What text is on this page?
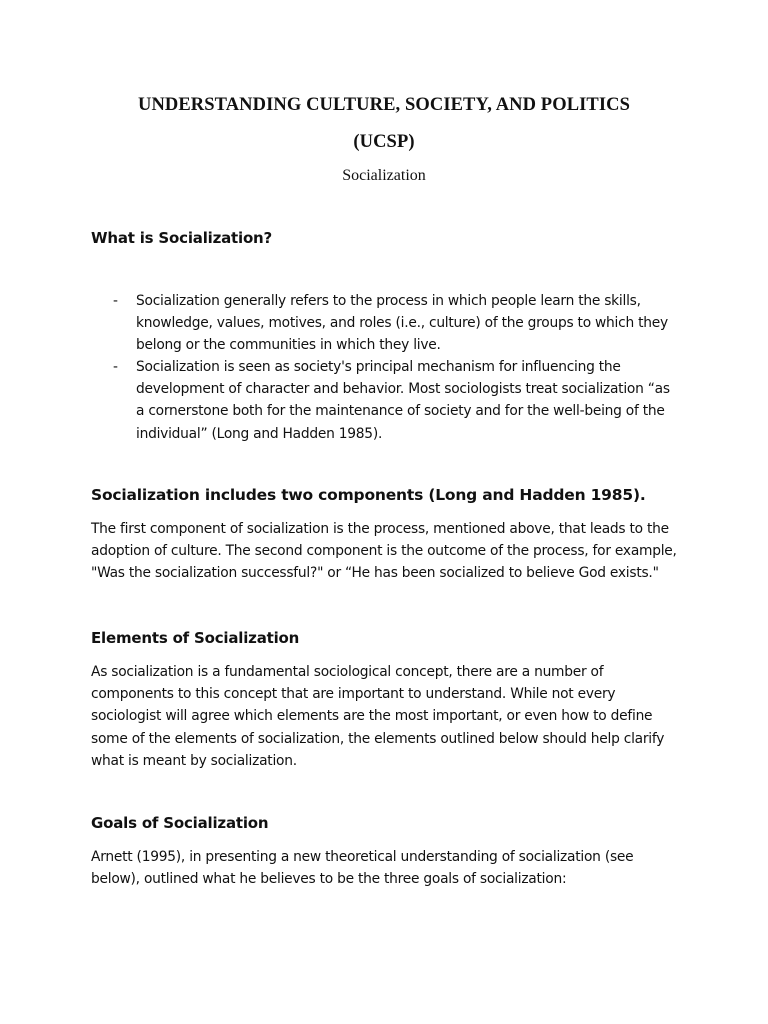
UNDERSTANDING CULTURE, SOCIETY, AND POLITICS
(UCSP)
Socialization
What is Socialization?
- Socialization generally refers to the process in which people learn the skills,
knowledge, values, motives, and roles (i.e., culture) of the groups to which they
belong or the communities in which they live.
- Socialization is seen as society's principal mechanism for influencing the
development of character and behavior. Most sociologists treat socialization “as
a cornerstone both for the maintenance of society and for the well-being of the
individual” (Long and Hadden 1985).
Socialization includes two components (Long and Hadden 1985).
The first component of socialization is the process, mentioned above, that leads to the
adoption of culture. The second component is the outcome of the process, for example,
"Was the socialization successful?" or “He has been socialized to believe God exists."
Elements of Socialization
As socialization is a fundamental sociological concept, there are a number of
components to this concept that are important to understand. While not every
sociologist will agree which elements are the most important, or even how to define
some of the elements of socialization, the elements outlined below should help clarify
what is meant by socialization.
Goals of Socialization
Arnett (1995), in presenting a new theoretical understanding of socialization (see
below), outlined what he believes to be the three goals of socialization:
